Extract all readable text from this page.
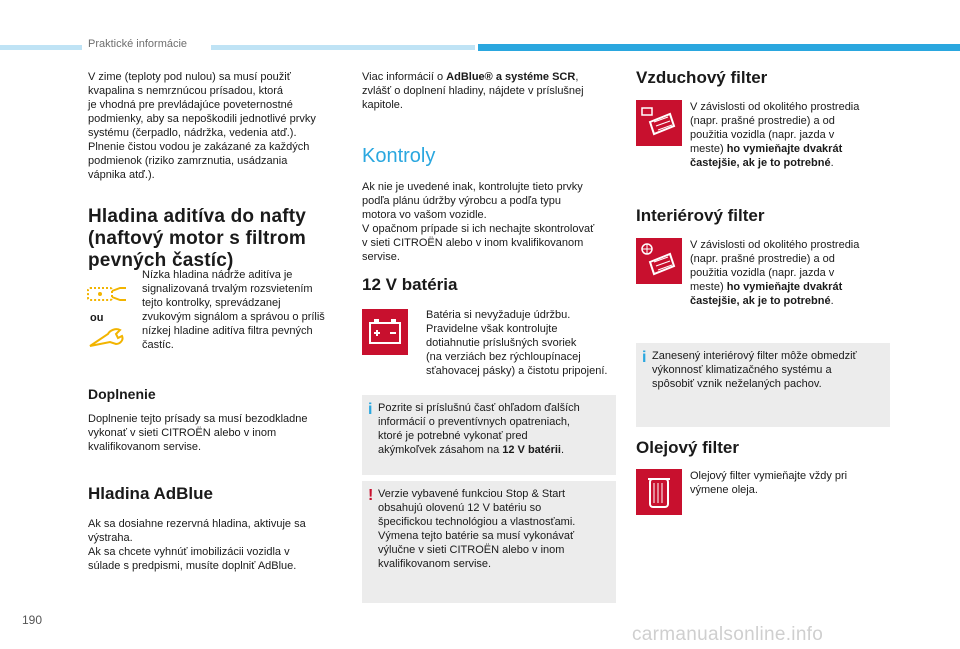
Praktické informácie

V zime (teploty pod nulou) sa musí použiť
kvapalina s nemrznúcou prísadou, ktorá
je vhodná pre prevládajúce poveternostné
podmienky, aby sa nepoškodili jednotlivé prvky
systému (čerpadlo, nádržka, vedenia atď.).
Plnenie čistou vodou je zakázané za každých
podmienok (riziko zamrznutia, usádzania
vápnika atď.).

Hladina aditíva do nafty
(naftový motor s filtrom
pevných častíc)
ou

Nízka hladina nádrže aditíva je
signalizovaná trvalým rozsvietením
tejto kontrolky, sprevádzanej
zvukovým signálom a správou o príliš
nízkej hladine aditíva filtra pevných
častíc.

Doplnenie

Doplnenie tejto prísady sa musí bezodkladne
vykonať v sieti CITROËN alebo v inom
kvalifikovanom servise.

Hladina AdBlue

Ak sa dosiahne rezervná hladina, aktivuje sa
výstraha.
Ak sa chcete vyhnúť imobilizácii vozidla v
súlade s predpismi, musíte doplniť AdBlue.

Viac informácií o AdBlue® a systéme SCR,
zvlášť o doplnení hladiny, nájdete v príslušnej
kapitole.

Kontroly

Ak nie je uvedené inak, kontrolujte tieto prvky
podľa plánu údržby výrobcu a podľa typu
motora vo vašom vozidle.
V opačnom prípade si ich nechajte skontrolovať
v sieti CITROËN alebo v inom kvalifikovanom
servise.

12 V batéria

Batéria si nevyžaduje údržbu.
Pravidelne však kontrolujte
dotiahnutie príslušných svoriek
(na verziách bez rýchloupínacej
sťahovacej pásky) a čistotu pripojení.

i Pozrite si príslušnú časť ohľadom ďalších
informácií o preventívnych opatreniach,
ktoré je potrebné vykonať pred
akýmkoľvek zásahom na 12 V batérii.

! Verzie vybavené funkciou Stop & Start
obsahujú olovenú 12 V batériu so
špecifickou technológiou a vlastnosťami.
Výmena tejto batérie sa musí vykonávať
výlučne v sieti CITROËN alebo v inom
kvalifikovanom servise.

Vzduchový filter

V závislosti od okolitého prostredia
(napr. prašné prostredie) a od
použitia vozidla (napr. jazda v
meste) ho vymieňajte dvakrát
častejšie, ak je to potrebné.

Interiérový filter

V závislosti od okolitého prostredia
(napr. prašné prostredie) a od
použitia vozidla (napr. jazda v
meste) ho vymieňajte dvakrát
častejšie, ak je to potrebné.

i Zanesený interiérový filter môže obmedziť
výkonnosť klimatizačného systému a
spôsobiť vznik neželaných pachov.

Olejový filter

Olejový filter vymieňajte vždy pri
výmene oleja.

190
carmanualsonline.info
